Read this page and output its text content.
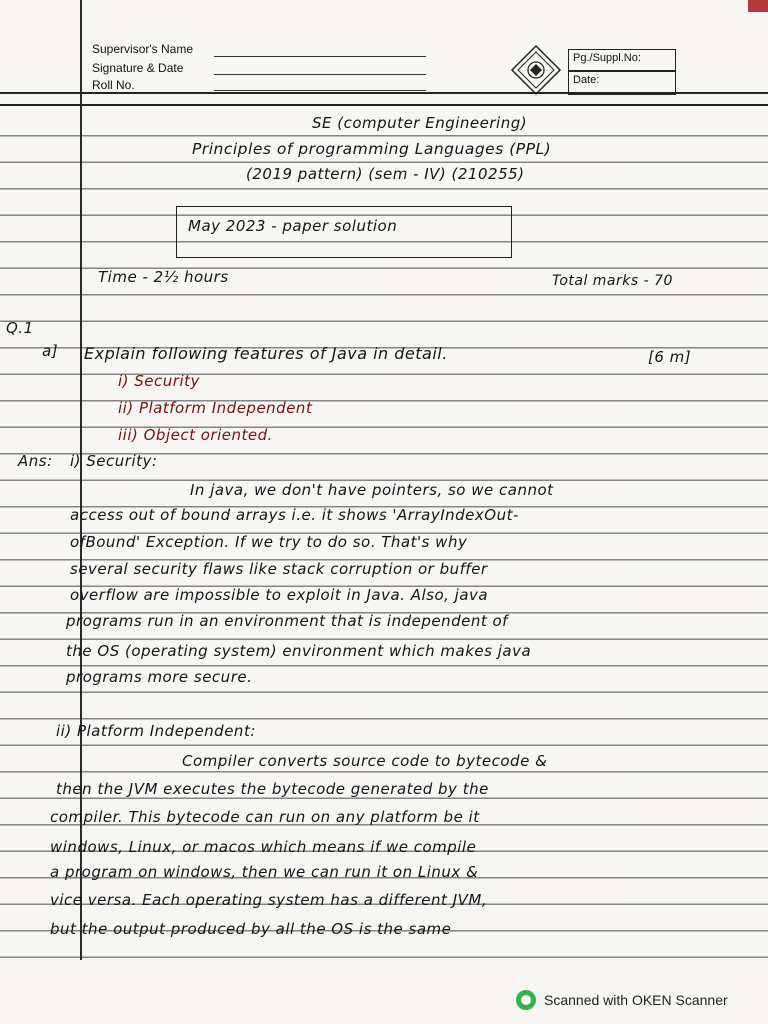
Supervisor's Name
Signature & Date
Roll No.
Pg./Suppl.No:
Date:
SE (computer Engineering)
Principles of programming Languages (PPL)
(2019 pattern) (sem - IV) (210255)
May 2023 - paper solution
Time - 2½ hours	Total marks - 70
Q.1
a] Explain following features of Java in detail.	[6 m]
i) Security
ii) Platform Independent
iii) Object oriented.
Ans: i) Security:
In java, we don't have pointers, so we cannot
access out of bound arrays i.e. it shows 'ArrayIndexOut-
ofBound' Exception. If we try to do so. That's why
several security flaws like stack corruption or buffer
overflow are impossible to exploit in Java. Also, java
programs run in an environment that is independent of
the OS (operating system) environment which makes java
programs more secure.
ii) Platform Independent:
Compiler converts source code to bytecode &
then the JVM executes the bytecode generated by the
compiler. This bytecode can run on any platform be it
windows, Linux, or macos which means if we compile
a program on windows, then we can run it on Linux &
vice versa. Each operating system has a different JVM,
but the output produced by all the OS is the same
Scanned with OKEN Scanner
